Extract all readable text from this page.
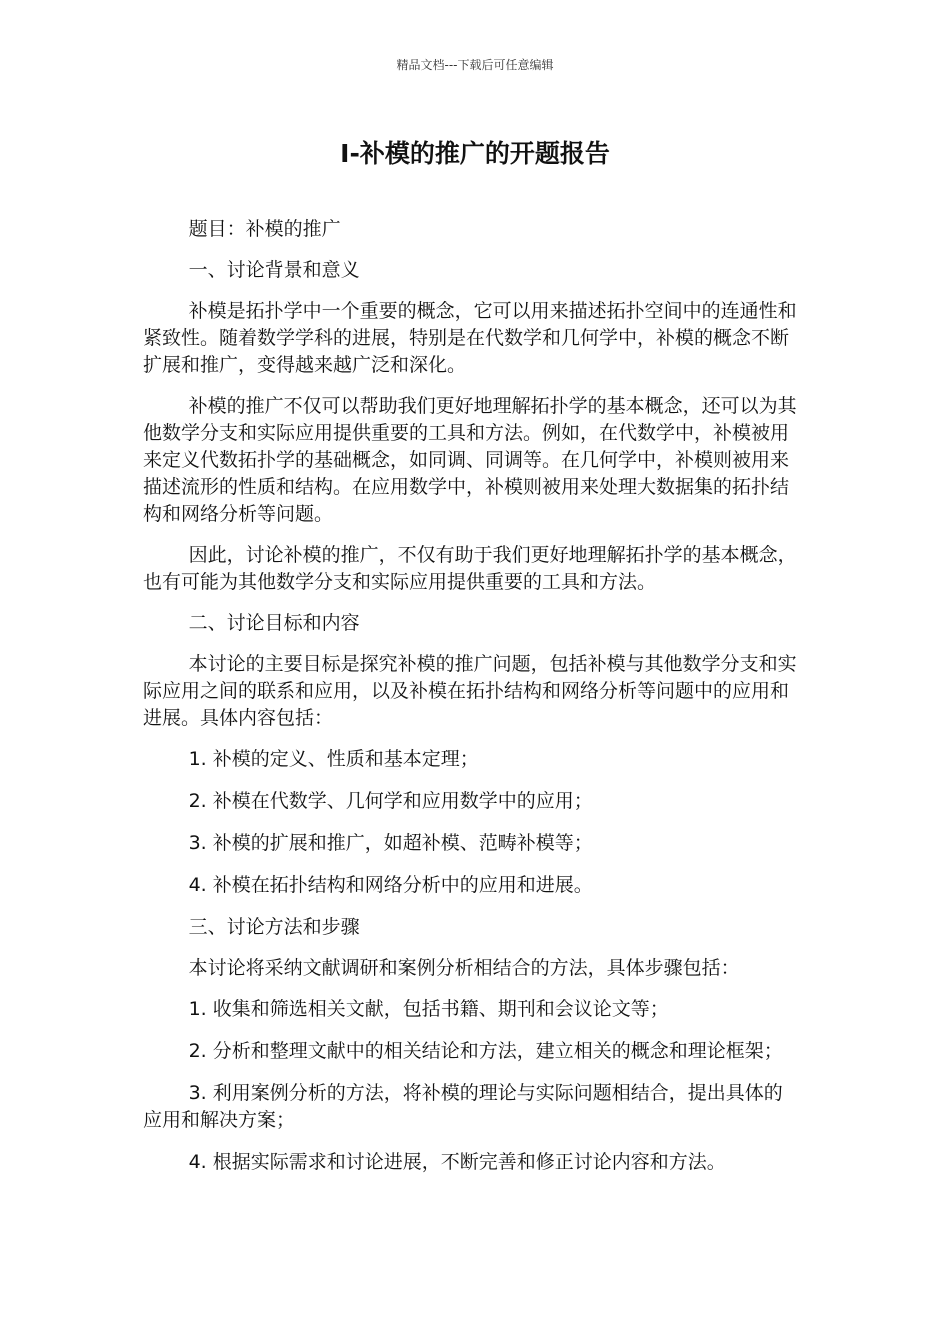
精品文档---下载后可任意编辑
I-补模的推广的开题报告

题目：补模的推广

一、讨论背景和意义

补模是拓扑学中一个重要的概念，它可以用来描述拓扑空间中的连通性和紧致性。随着数学学科的进展，特别是在代数学和几何学中，补模的概念不断扩展和推广，变得越来越广泛和深化。

补模的推广不仅可以帮助我们更好地理解拓扑学的基本概念，还可以为其他数学分支和实际应用提供重要的工具和方法。例如，在代数学中，补模被用来定义代数拓扑学的基础概念，如同调、同调等。在几何学中，补模则被用来描述流形的性质和结构。在应用数学中，补模则被用来处理大数据集的拓扑结构和网络分析等问题。

因此，讨论补模的推广，不仅有助于我们更好地理解拓扑学的基本概念，也有可能为其他数学分支和实际应用提供重要的工具和方法。

二、讨论目标和内容

本讨论的主要目标是探究补模的推广问题，包括补模与其他数学分支和实际应用之间的联系和应用，以及补模在拓扑结构和网络分析等问题中的应用和进展。具体内容包括：

1. 补模的定义、性质和基本定理；

2. 补模在代数学、几何学和应用数学中的应用；

3. 补模的扩展和推广，如超补模、范畴补模等；

4. 补模在拓扑结构和网络分析中的应用和进展。

三、讨论方法和步骤

本讨论将采纳文献调研和案例分析相结合的方法，具体步骤包括：

1. 收集和筛选相关文献，包括书籍、期刊和会议论文等；

2. 分析和整理文献中的相关结论和方法，建立相关的概念和理论框架；

3. 利用案例分析的方法，将补模的理论与实际问题相结合，提出具体的应用和解决方案；

4. 根据实际需求和讨论进展，不断完善和修正讨论内容和方法。
